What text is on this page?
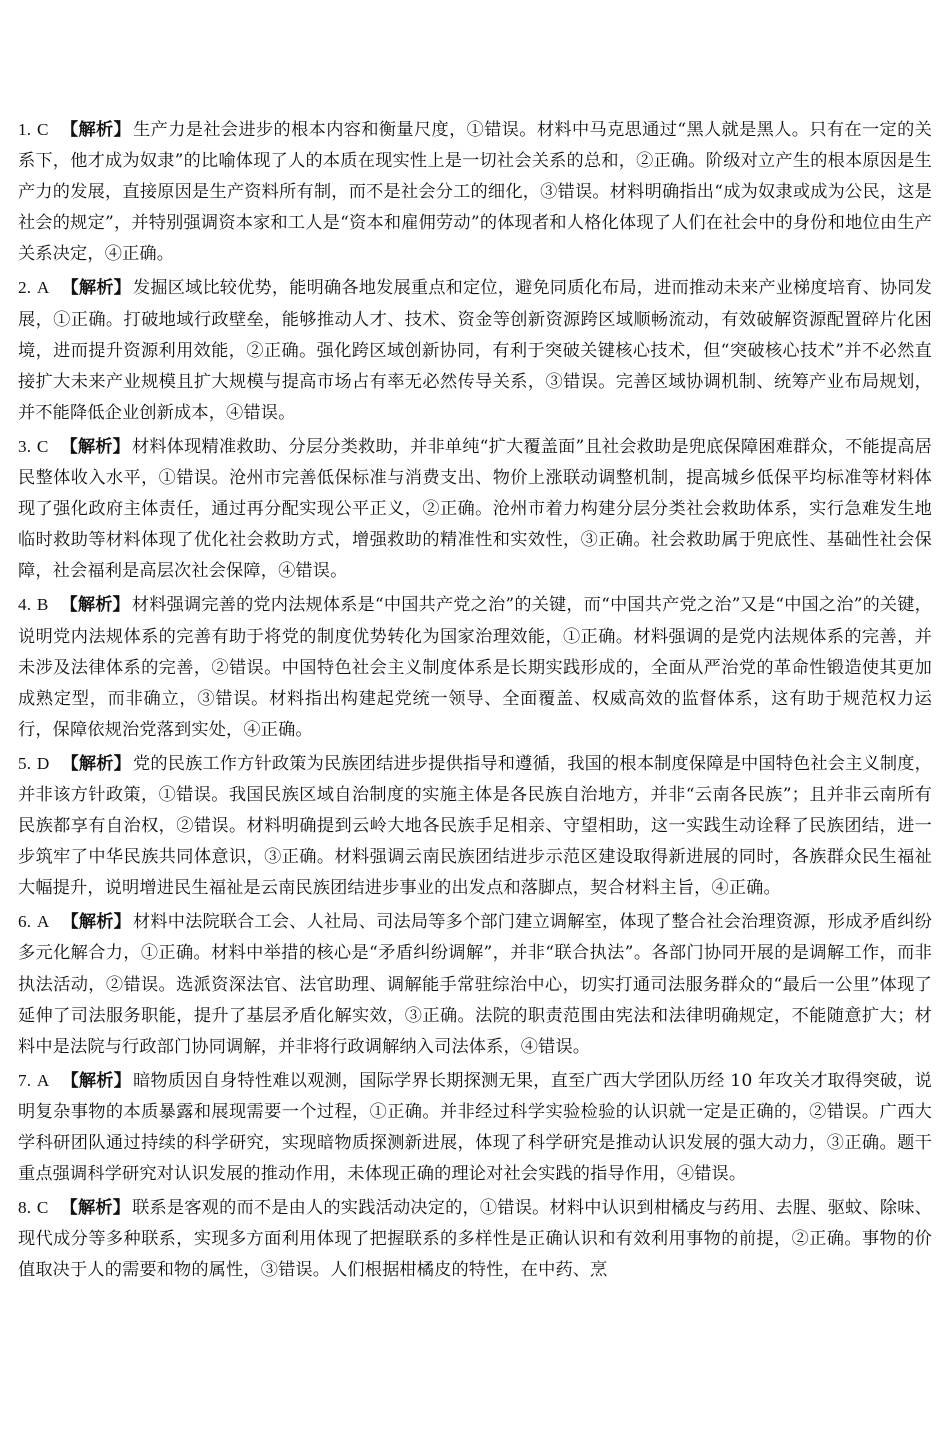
1. C 【解析】 生产力是社会进步的根本内容和衡量尺度，①错误。材料中马克思通过“黑人就是黑人。只有在一定的关系下，他才成为奴隶”的比喻体现了人的本质在现实性上是一切社会关系的总和，②正确。阶级对立产生的根本原因是生产力的发展，直接原因是生产资料所有制，而不是社会分工的细化，③错误。材料明确指出“成为奴隶或成为公民，这是社会的规定”，并特别强调资本家和工人是“资本和雇佣劳动”的体现者和人格化体现了人们在社会中的身份和地位由生产关系决定，④正确。
2. A 【解析】 发掘区域比较优势，能明确各地发展重点和定位，避免同质化布局，进而推动未来产业梯度培育、协同发展，①正确。打破地域行政壁垒，能够推动人才、技术、资金等创新资源跨区域顺畅流动，有效破解资源配置碎片化困境，进而提升资源利用效能，②正确。强化跨区域创新协同，有利于突破关键核心技术，但“突破核心技术”并不必然直接扩大未来产业规模且扩大规模与提高市场占有率无必然传导关系，③错误。完善区域协调机制、统筹产业布局规划，并不能降低企业创新成本，④错误。
3. C 【解析】 材料体现精准救助、分层分类救助，并非单纯“扩大覆盖面”且社会救助是兜底保障困难群众，不能提高居民整体收入水平，①错误。沧州市完善低保标准与消费支出、物价上涨联动调整机制，提高城乡低保平均标准等材料体现了强化政府主体责任，通过再分配实现公平正义，②正确。沧州市着力构建分层分类社会救助体系，实行急难发生地临时救助等材料体现了优化社会救助方式，增强救助的精准性和实效性，③正确。社会救助属于兜底性、基础性社会保障，社会福利是高层次社会保障，④错误。
4. B 【解析】 材料强调完善的党内法规体系是“中国共产党之治”的关键，而“中国共产党之治”又是“中国之治”的关键，说明党内法规体系的完善有助于将党的制度优势转化为国家治理效能，①正确。材料强调的是党内法规体系的完善，并未涉及法律体系的完善，②错误。中国特色社会主义制度体系是长期实践形成的，全面从严治党的革命性锻造使其更加成熟定型，而非确立，③错误。材料指出构建起党统一领导、全面覆盖、权威高效的监督体系，这有助于规范权力运行，保障依规治党落到实处，④正确。
5. D 【解析】 党的民族工作方针政策为民族团结进步提供指导和遵循，我国的根本制度保障是中国特色社会主义制度，并非该方针政策，①错误。我国民族区域自治制度的实施主体是各民族自治地方，并非“云南各民族”；且并非云南所有民族都享有自治权，②错误。材料明确提到云岭大地各民族手足相亲、守望相助，这一实践生动诠释了民族团结，进一步筑牢了中华民族共同体意识，③正确。材料强调云南民族团结进步示范区建设取得新进展的同时，各族群众民生福祉大幅提升，说明增进民生福祉是云南民族团结进步事业的出发点和落脚点，契合材料主旨，④正确。
6. A 【解析】 材料中法院联合工会、人社局、司法局等多个部门建立调解室，体现了整合社会治理资源，形成矛盾纠纷多元化解合力，①正确。材料中举措的核心是“矛盾纠纷调解”，并非“联合执法”。各部门协同开展的是调解工作，而非执法活动，②错误。选派资深法官、法官助理、调解能手常驻综治中心，切实打通司法服务群众的“最后一公里”体现了延伸了司法服务职能，提升了基层矛盾化解实效，③正确。法院的职责范围由宪法和法律明确规定，不能随意扩大；材料中是法院与行政部门协同调解，并非将行政调解纳入司法体系，④错误。
7. A 【解析】 暗物质因自身特性难以观测，国际学界长期探测无果，直至广西大学团队历经 10 年攻关才取得突破，说明复杂事物的本质暴露和展现需要一个过程，①正确。并非经过科学实验检验的认识就一定是正确的，②错误。广西大学科研团队通过持续的科学研究，实现暗物质探测新进展，体现了科学研究是推动认识发展的强大动力，③正确。题干重点强调科学研究对认识发展的推动作用，未体现正确的理论对社会实践的指导作用，④错误。
8. C 【解析】 联系是客观的而不是由人的实践活动决定的，①错误。材料中认识到柑橘皮与药用、去腥、驱蚊、除味、现代成分等多种联系，实现多方面利用体现了把握联系的多样性是正确认识和有效利用事物的前提，②正确。事物的价值取决于人的需要和物的属性，③错误。人们根据柑橘皮的特性，在中药、烹
